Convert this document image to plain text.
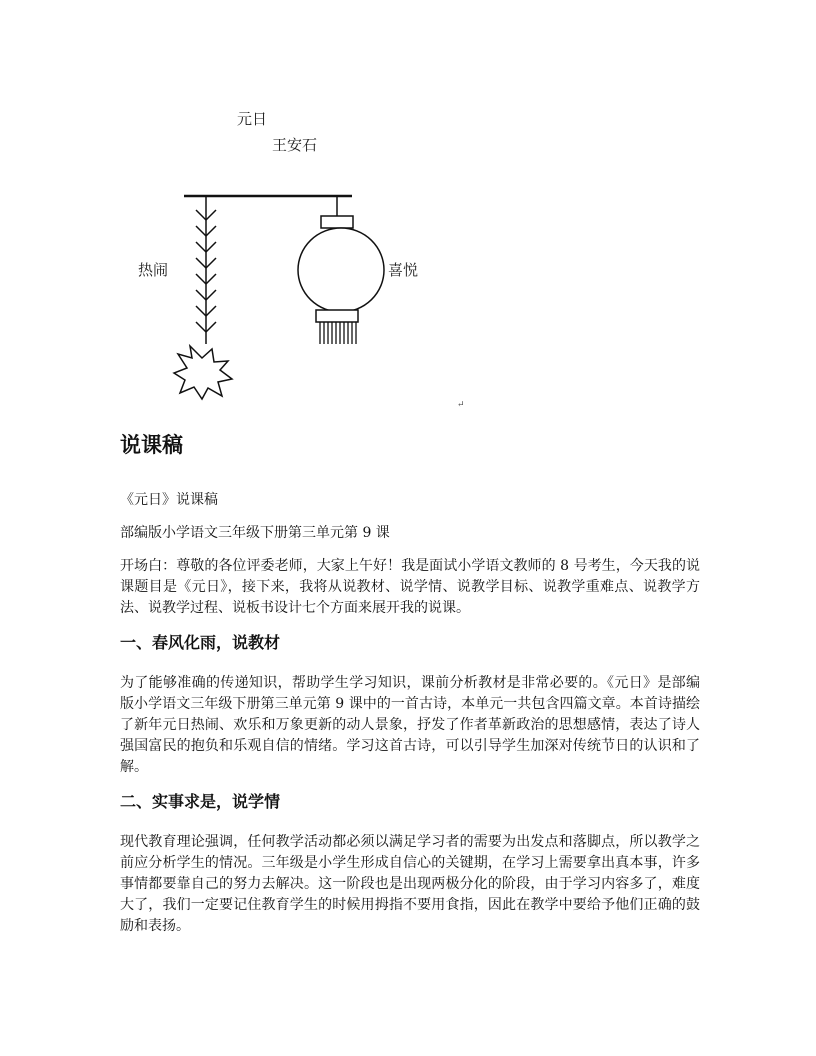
元日
王安石
热闹	喜悦
↵
说课稿

《元日》说课稿

部编版小学语文三年级下册第三单元第 9 课

开场白：尊敬的各位评委老师，大家上午好！我是面试小学语文教师的 8 号考生，今天我的说课题目是《元日》，接下来，我将从说教材、说学情、说教学目标、说教学重难点、说教学方法、说教学过程、说板书设计七个方面来展开我的说课。

一、春风化雨，说教材

为了能够准确的传递知识，帮助学生学习知识，课前分析教材是非常必要的。《元日》是部编版小学语文三年级下册第三单元第 9 课中的一首古诗，本单元一共包含四篇文章。本首诗描绘了新年元日热闹、欢乐和万象更新的动人景象，抒发了作者革新政治的思想感情，表达了诗人强国富民的抱负和乐观自信的情绪。学习这首古诗，可以引导学生加深对传统节日的认识和了解。

二、实事求是，说学情

现代教育理论强调，任何教学活动都必须以满足学习者的需要为出发点和落脚点，所以教学之前应分析学生的情况。三年级是小学生形成自信心的关键期，在学习上需要拿出真本事，许多事情都要靠自己的努力去解决。这一阶段也是出现两极分化的阶段，由于学习内容多了，难度大了，我们一定要记住教育学生的时候用拇指不要用食指，因此在教学中要给予他们正确的鼓励和表扬。
